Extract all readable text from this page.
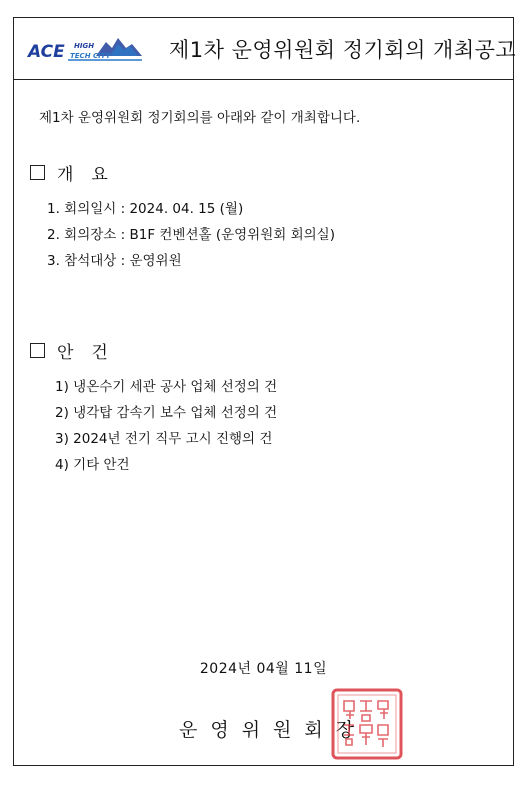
ACE HIGH
TECH CITY	제1차 운영위원회 정기회의 개최공고
제1차 운영위원회 정기회의를 아래와 같이 개최합니다.
개요
1. 회의일시 : 2024. 04. 15 (월)
2. 회의장소 : B1F 컨벤션홀 (운영위원회 회의실)
3. 참석대상 : 운영위원
안건
1) 냉온수기 세관 공사 업체 선정의 건
2) 냉각탑 감속기 보수 업체 선정의 건
3) 2024년 전기 직무 고시 진행의 건
4) 기타 안건
2024년 04월 11일
운영위원회장
